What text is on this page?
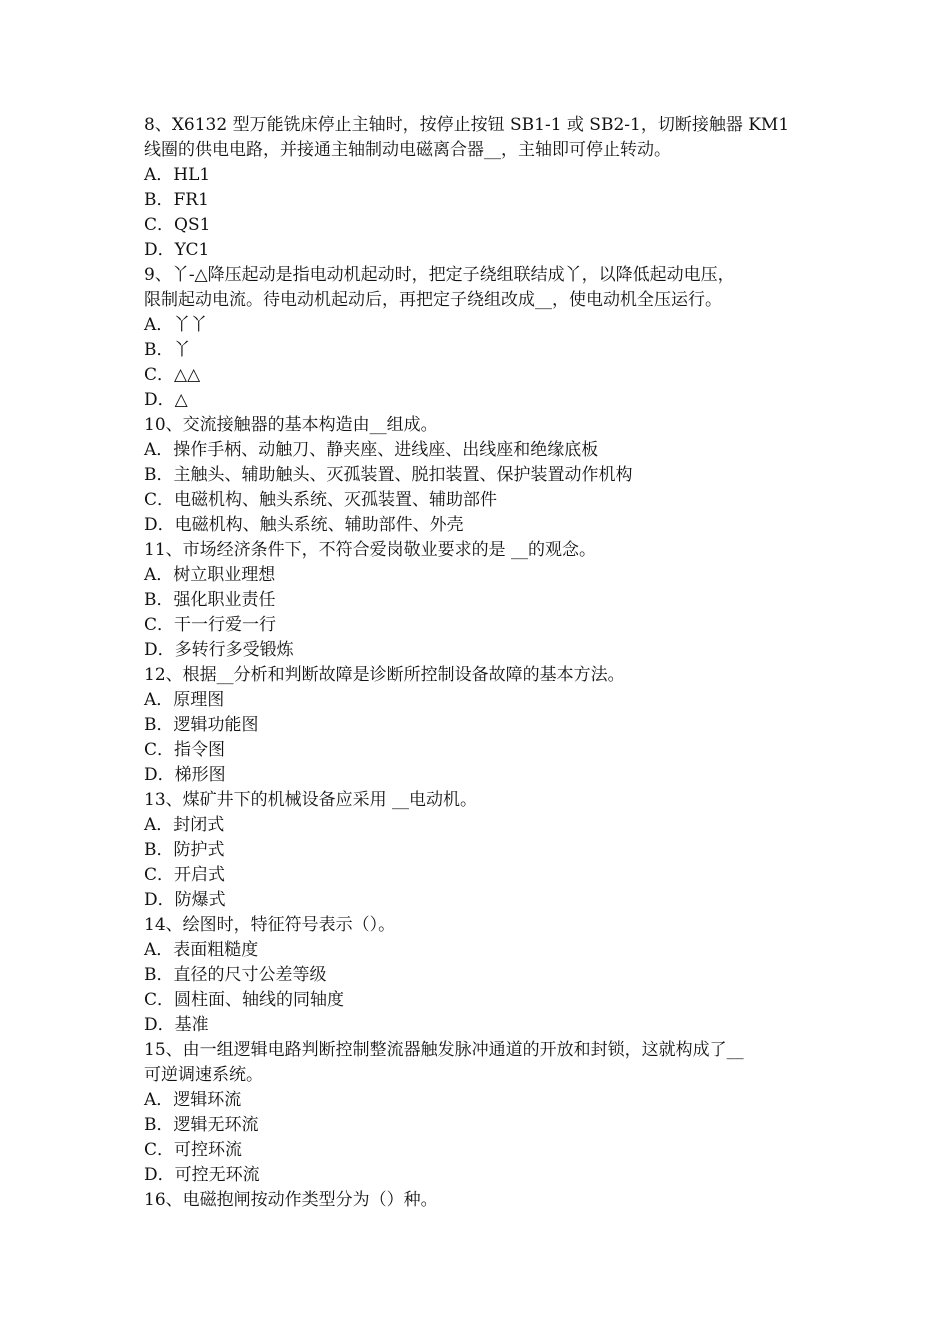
8、X6132 型万能铣床停止主轴时，按停止按钮 SB1-1 或 SB2-1，切断接触器 KM1
线圈的供电电路，并接通主轴制动电磁离合器__，主轴即可停止转动。
A．HL1
B．FR1
C．QS1
D．YC1
9、丫-△降压起动是指电动机起动时，把定子绕组联结成丫，以降低起动电压，
限制起动电流。待电动机起动后，再把定子绕组改成__，使电动机全压运行。
A．丫丫
B．丫
C．△△
D．△
10、交流接触器的基本构造由__组成。
A．操作手柄、动触刀、静夹座、进线座、出线座和绝缘底板
B．主触头、辅助触头、灭孤装置、脱扣装置、保护装置动作机构
C．电磁机构、触头系统、灭孤装置、辅助部件
D．电磁机构、触头系统、辅助部件、外壳
11、市场经济条件下，不符合爱岗敬业要求的是 __的观念。
A．树立职业理想
B．强化职业责任
C．干一行爱一行
D．多转行多受锻炼
12、根据__分析和判断故障是诊断所控制设备故障的基本方法。
A．原理图
B．逻辑功能图
C．指令图
D．梯形图
13、煤矿井下的机械设备应采用 __电动机。
A．封闭式
B．防护式
C．开启式
D．防爆式
14、绘图时，特征符号表示（）。
A．表面粗糙度
B．直径的尺寸公差等级
C．圆柱面、轴线的同轴度
D．基准
15、由一组逻辑电路判断控制整流器触发脉冲通道的开放和封锁，这就构成了__
可逆调速系统。
A．逻辑环流
B．逻辑无环流
C．可控环流
D．可控无环流
16、电磁抱闸按动作类型分为（）种。
